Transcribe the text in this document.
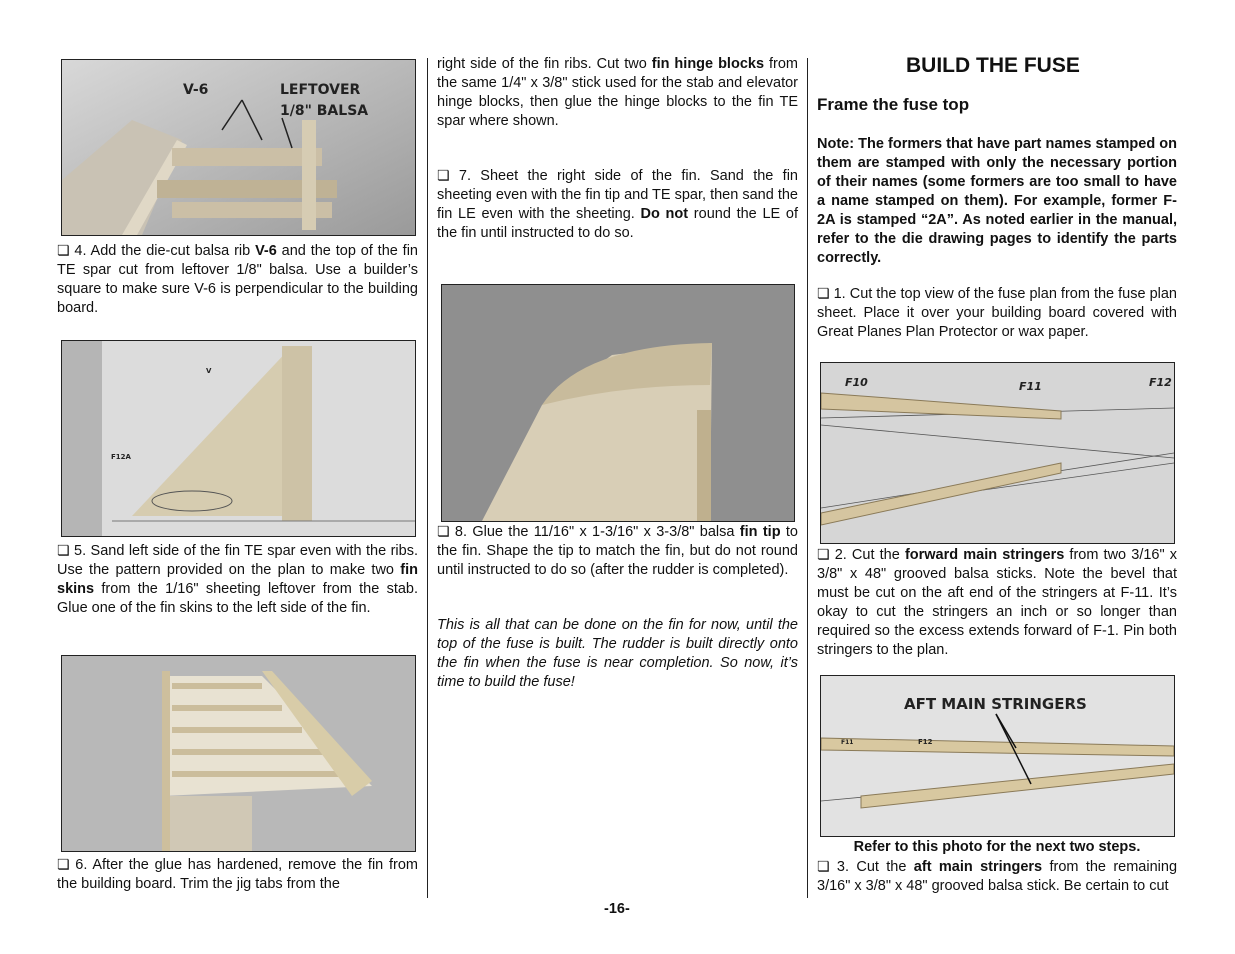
V-6	LEFTOVER
1/8" BALSA

❏ 4. Add the die-cut balsa rib V-6 and the top of the fin TE spar cut from leftover 1/8" balsa. Use a builder’s square to make sure V-6 is perpendicular to the building board.

F12A
V

❏ 5. Sand left side of the fin TE spar even with the ribs. Use the pattern provided on the plan to make two fin skins from the 1/16" sheeting leftover from the stab. Glue one of the fin skins to the left side of the fin.

❏ 6. After the glue has hardened, remove the fin from the building board. Trim the jig tabs from the

right side of the fin ribs. Cut two fin hinge blocks from the same 1/4" x 3/8" stick used for the stab and elevator hinge blocks, then glue the hinge blocks to the fin TE spar where shown.

❏ 7. Sheet the right side of the fin. Sand the fin sheeting even with the fin tip and TE spar, then sand the fin LE even with the sheeting. Do not round the LE of the fin until instructed to do so.

❏ 8. Glue the 11/16" x 1-3/16" x 3-3/8" balsa fin tip to the fin. Shape the tip to match the fin, but do not round until instructed to do so (after the rudder is completed).

This is all that can be done on the fin for now, until the top of the fuse is built. The rudder is built directly onto the fin when the fuse is near completion. So now, it’s time to build the fuse!

BUILD THE FUSE
Frame the fuse top

Note: The formers that have part names stamped on them are stamped with only the necessary portion of their names (some formers are too small to have a name stamped on them). For example, former F-2A is stamped “2A”. As noted earlier in the manual, refer to the die drawing pages to identify the parts correctly.

❏ 1. Cut the top view of the fuse plan from the fuse plan sheet. Place it over your building board covered with Great Planes Plan Protector or wax paper.

F10	F11	F12

❏ 2. Cut the forward main stringers from two 3/16" x 3/8" x 48" grooved balsa sticks. Note the bevel that must be cut on the aft end of the stringers at F-11. It’s okay to cut the stringers an inch or so longer than required so the excess extends forward of F-1. Pin both stringers to the plan.

AFT MAIN STRINGERS
F11	F12
Refer to this photo for the next two steps.

❏ 3. Cut the aft main stringers from the remaining 3/16" x 3/8" x 48" grooved balsa stick. Be certain to cut

-16-
